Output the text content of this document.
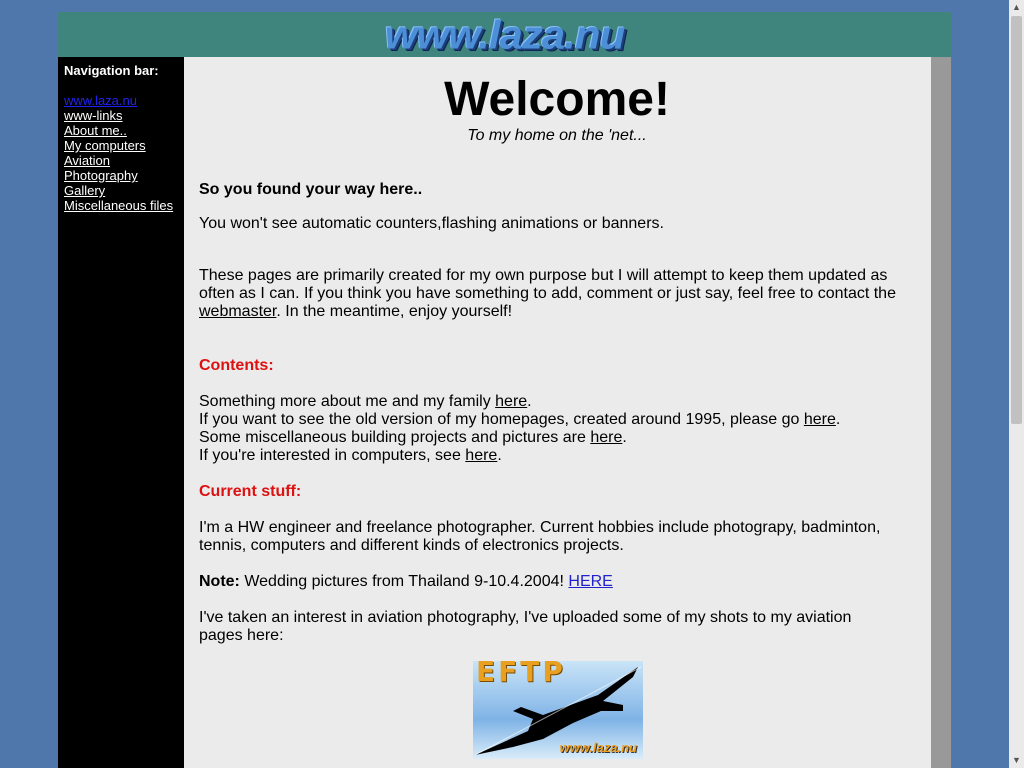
www.laza.nu
Navigation bar:
www.laza.nu
www-links
About me..
My computers
Aviation
Photography
Gallery
Miscellaneous files
Welcome!
To my home on the 'net...
So you found your way here..
You won't see automatic counters,flashing animations or banners.
These pages are primarily created for my own purpose but I will attempt to keep them updated as often as I can. If you think you have something to add, comment or just say, feel free to contact the webmaster. In the meantime, enjoy yourself!
Contents:
Something more about me and my family here.
If you want to see the old version of my homepages, created around 1995, please go here.
Some miscellaneous building projects and pictures are here.
If you're interested in computers, see here.
Current stuff:
I'm a HW engineer and freelance photographer. Current hobbies include photograpy, badminton, tennis, computers and different kinds of electronics projects.
Note: Wedding pictures from Thailand 9-10.4.2004! HERE
I've taken an interest in aviation photography, I've uploaded some of my shots to my aviation pages here:
EFTP
www.laza.nu
▲
▼
